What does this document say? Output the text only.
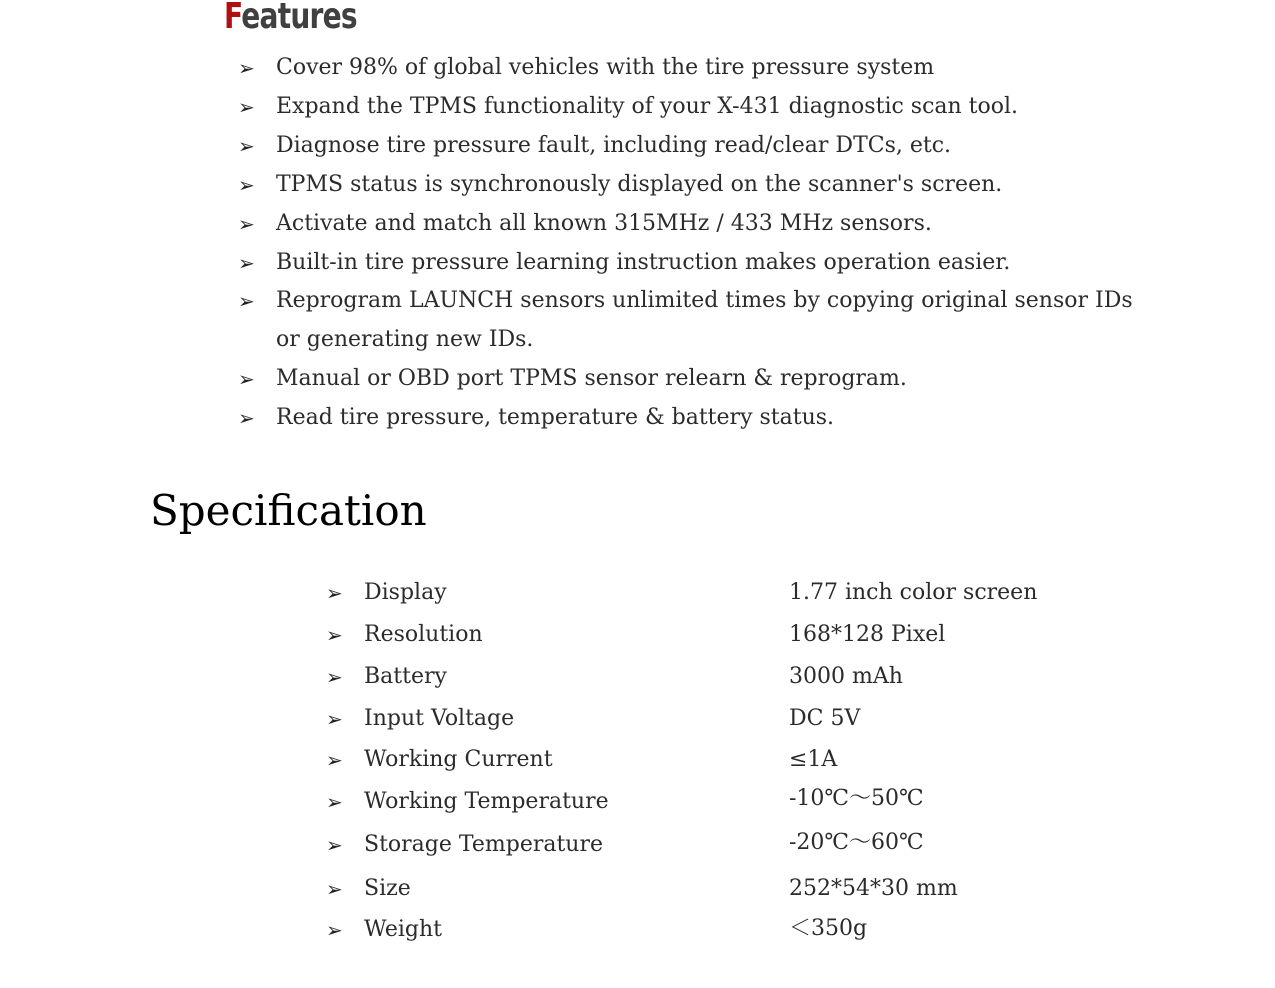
Features
➢ Cover 98% of global vehicles with the tire pressure system
➢ Expand the TPMS functionality of your X-431 diagnostic scan tool.
➢ Diagnose tire pressure fault, including read/clear DTCs, etc.
➢ TPMS status is synchronously displayed on the scanner's screen.
➢ Activate and match all known 315MHz / 433 MHz sensors.
➢ Built-in tire pressure learning instruction makes operation easier.
➢ Reprogram LAUNCH sensors unlimited times by copying original sensor IDs or generating new IDs.
➢ Manual or OBD port TPMS sensor relearn & reprogram.
➢ Read tire pressure, temperature & battery status.
Specification
➢ Display	1.77 inch color screen
➢ Resolution	168*128 Pixel
➢ Battery	3000 mAh
➢ Input Voltage	DC 5V
➢ Working Current	≤1A
➢ Working Temperature	-10℃〜50℃
➢ Storage Temperature	-20℃〜60℃
➢ Size	252*54*30 mm
➢ Weight	＜350g
